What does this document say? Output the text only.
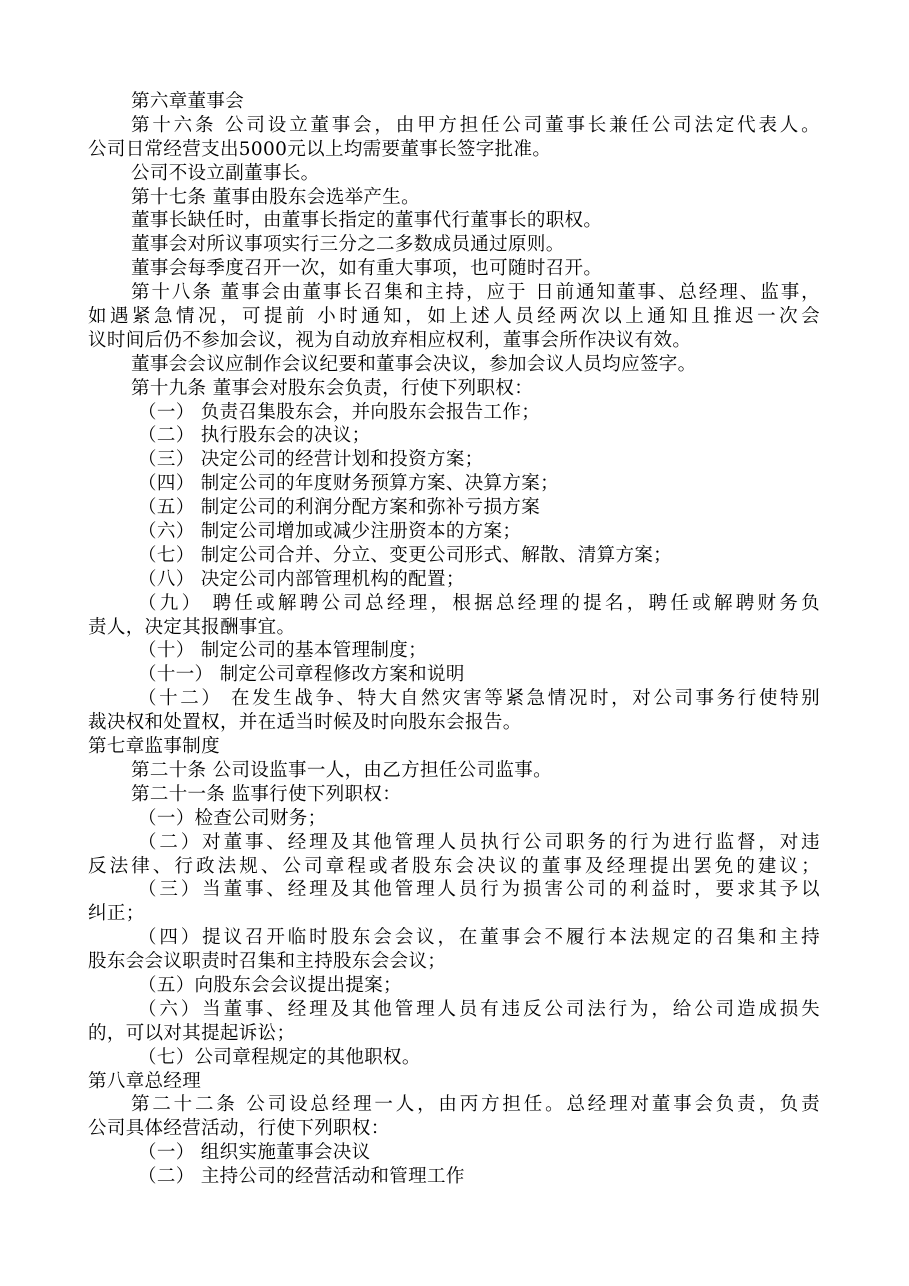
第六章董事会
第十六条 公司设立董事会，由甲方担任公司董事长兼任公司法定代表人。
公司日常经营支出5000元以上均需要董事长签字批准。
公司不设立副董事长。
第十七条 董事由股东会选举产生。
董事长缺任时，由董事长指定的董事代行董事长的职权。
董事会对所议事项实行三分之二多数成员通过原则。
董事会每季度召开一次，如有重大事项，也可随时召开。
第十八条 董事会由董事长召集和主持，应于 日前通知董事、总经理、监事，
如遇紧急情况，可提前 小时通知，如上述人员经两次以上通知且推迟一次会
议时间后仍不参加会议，视为自动放弃相应权利，董事会所作决议有效。
董事会会议应制作会议纪要和董事会决议，参加会议人员均应签字。
第十九条 董事会对股东会负责，行使下列职权：
（一） 负责召集股东会，并向股东会报告工作；
（二） 执行股东会的决议；
（三） 决定公司的经营计划和投资方案；
（四） 制定公司的年度财务预算方案、决算方案；
（五） 制定公司的利润分配方案和弥补亏损方案
（六） 制定公司增加或减少注册资本的方案；
（七） 制定公司合并、分立、变更公司形式、解散、清算方案；
（八） 决定公司内部管理机构的配置；
（九） 聘任或解聘公司总经理，根据总经理的提名，聘任或解聘财务负
责人，决定其报酬事宜。
（十） 制定公司的基本管理制度；
（十一） 制定公司章程修改方案和说明
（十二） 在发生战争、特大自然灾害等紧急情况时，对公司事务行使特别
裁决权和处置权，并在适当时候及时向股东会报告。
第七章监事制度
第二十条 公司设监事一人，由乙方担任公司监事。
第二十一条 监事行使下列职权：
（一）检查公司财务；
（二）对董事、经理及其他管理人员执行公司职务的行为进行监督，对违
反法律、行政法规、公司章程或者股东会决议的董事及经理提出罢免的建议；
（三）当董事、经理及其他管理人员行为损害公司的利益时，要求其予以
纠正；
（四）提议召开临时股东会会议，在董事会不履行本法规定的召集和主持
股东会会议职责时召集和主持股东会会议；
（五）向股东会会议提出提案；
（六）当董事、经理及其他管理人员有违反公司法行为，给公司造成损失
的，可以对其提起诉讼；
（七）公司章程规定的其他职权。
第八章总经理
第二十二条 公司设总经理一人，由丙方担任。总经理对董事会负责，负责
公司具体经营活动，行使下列职权：
（一） 组织实施董事会决议
（二） 主持公司的经营活动和管理工作
